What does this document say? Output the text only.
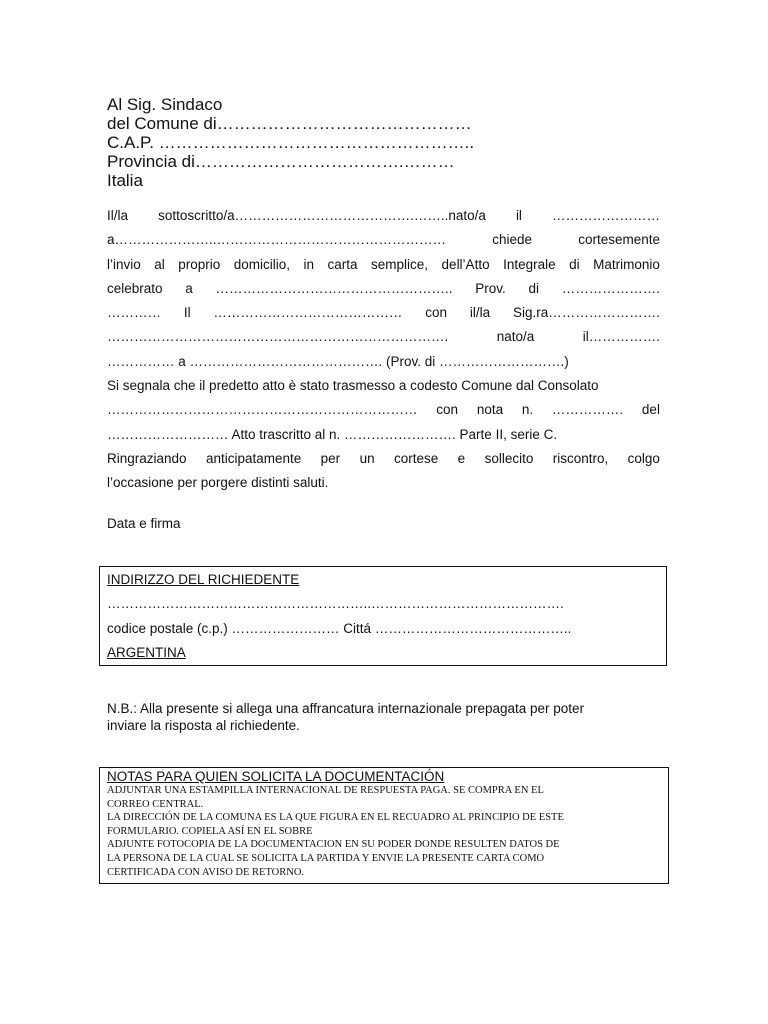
Al Sig. Sindaco
del Comune di………………………………………
C.A.P. ………………………………………………..
Provincia di……………………………….………
Italia
Il/la sottoscritto/a………………………………….……..nato/a il ……………………
a…………………..……………………………………………	chiede	cortesemente
l’invio al proprio domicilio, in carta semplice, dell’Atto Integrale di Matrimonio
celebrato a …………………………………………….. Prov. di ………………….
………… Il …………………………………… con il/la Sig.ra…………………….
………………………………………………………………….	nato/a	il…………….
…………… a ……………………………………. (Prov. di ……………………….)
Si segnala che il predetto atto è stato trasmesso a codesto Comune dal Consolato
…………………………………………………………… con nota n. ……………. del
……………………… Atto trascritto al n. ……………………. Parte II, serie C.
Ringraziando anticipatamente per un cortese e sollecito riscontro, colgo
l’occasione per porgere distinti saluti.
Data e firma
INDIRIZZO DEL RICHIEDENTE
…………………………………………………..…………………………………….
codice postale (c.p.) …………………… Cittá ……………………………………..
ARGENTINA
N.B.: Alla presente si allega una affrancatura internazionale prepagata per poter
inviare la risposta al richiedente.
NOTAS PARA QUIEN SOLICITA LA DOCUMENTACIÓN
ADJUNTAR UNA ESTAMPILLA INTERNACIONAL DE RESPUESTA PAGA. SE COMPRA EN EL
CORREO CENTRAL.
LA DIRECCIÓN DE LA COMUNA ES LA QUE FIGURA EN EL RECUADRO AL PRINCIPIO DE ESTE
FORMULARIO. COPIELA ASÍ EN EL SOBRE
ADJUNTE FOTOCOPIA DE LA DOCUMENTACION EN SU PODER DONDE RESULTEN DATOS DE
LA PERSONA DE LA CUAL SE SOLICITA LA PARTIDA Y ENVIE LA PRESENTE CARTA COMO
CERTIFICADA CON AVISO DE RETORNO.
